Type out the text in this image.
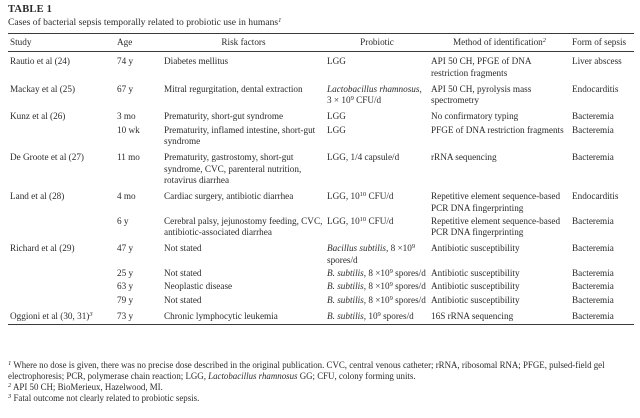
TABLE 1
Cases of bacterial sepsis temporally related to probiotic use in humans$^1$
Study	Age	Risk factors	Probiotic	Method of identification$^2$	Form of sepsis
Rautio et al (24)	74 y	Diabetes mellitus	LGG	API 50 CH, PFGE of DNA restriction fragments	Liver abscess
Mackay et al (25)	67 y	Mitral regurgitation, dental extraction	Lactobacillus rhamnosus, $3 \times 10^9$ CFU/d	API 50 CH, pyrolysis mass spectrometry	Endocarditis
Kunz et al (26)	3 mo	Prematurity, short-gut syndrome	LGG	No confirmatory typing	Bacteremia
	10 wk	Prematurity, inflamed intestine, short-gut syndrome	LGG	PFGE of DNA restriction fragments	Bacteremia
De Groote et al (27)	11 mo	Prematurity, gastrostomy, short-gut syndrome, CVC, parenteral nutrition, rotavirus diarrhea	LGG, 1/4 capsule/d	rRNA sequencing	Bacteremia
Land et al (28)	4 mo	Cardiac surgery, antibiotic diarrhea	LGG, $10^{10}$ CFU/d	Repetitive element sequence-based PCR DNA fingerprinting	Endocarditis
	6 y	Cerebral palsy, jejunostomy feeding, CVC, antibiotic-associated diarrhea	LGG, $10^{10}$ CFU/d	Repetitive element sequence-based PCR DNA fingerprinting	Bacteremia
Richard et al (29)	47 y	Not stated	Bacillus subtilis, $8 \times 10^9$ spores/d	Antibiotic susceptibility	Bacteremia
	25 y	Not stated	B. subtilis, $8 \times 10^9$ spores/d	Antibiotic susceptibility	Bacteremia
	63 y	Neoplastic disease	B. subtilis, $8 \times 10^9$ spores/d	Antibiotic susceptibility	Bacteremia
	79 y	Not stated	B. subtilis, $8 \times 10^9$ spores/d	Antibiotic susceptibility	Bacteremia
Oggioni et al (30, 31)$^3$	73 y	Chronic lymphocytic leukemia	B. subtilis, $10^9$ spores/d	16S rRNA sequencing	Bacteremia

$^1$ Where no dose is given, there was no precise dose described in the original publication. CVC, central venous catheter; rRNA, ribosomal RNA; PFGE, pulsed-field gel electrophoresis; PCR, polymerase chain reaction; LGG, Lactobacillus rhamnosus GG; CFU, colony forming units.

$^2$ API 50 CH; BioMerieux, Hazelwood, MI.

$^3$ Fatal outcome not clearly related to probiotic sepsis.
